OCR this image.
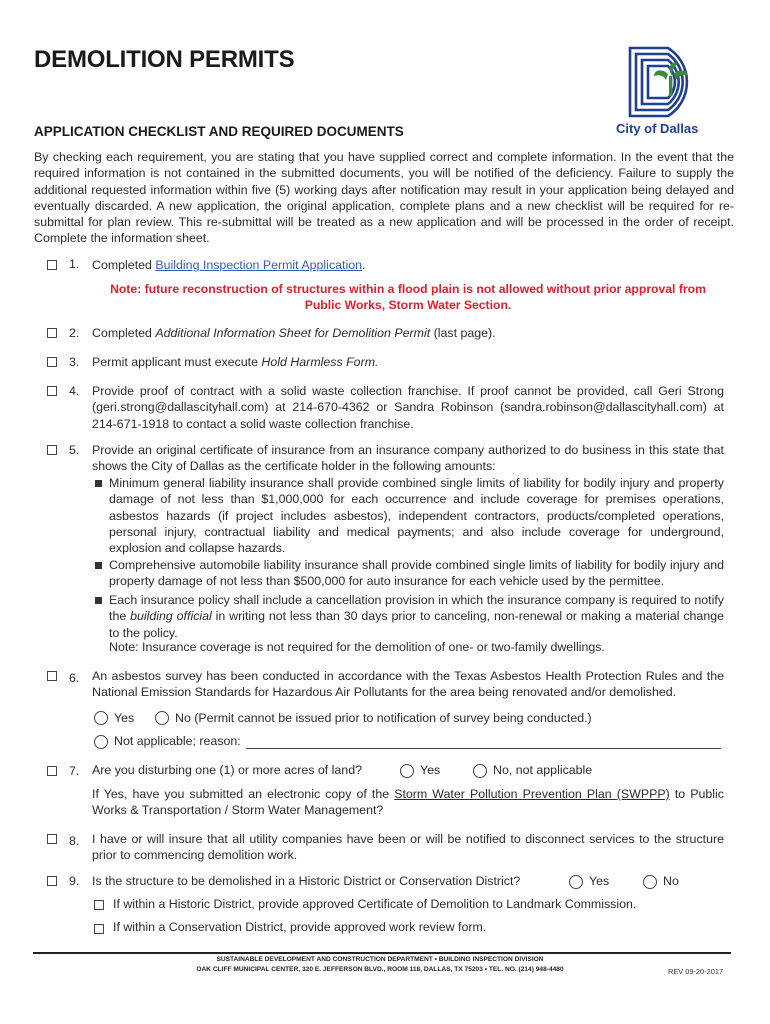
DEMOLITION PERMITS
APPLICATION CHECKLIST AND REQUIRED DOCUMENTS	City of Dallas
By checking each requirement, you are stating that you have supplied correct and complete information. In the event that the required information is not contained in the submitted documents, you will be notified of the deficiency. Failure to supply the additional requested information within five (5) working days after notification may result in your application being delayed and eventually discarded. A new application, the original application, complete plans and a new checklist will be required for re-submittal for plan review. This re-submittal will be treated as a new application and will be processed in the order of receipt. Complete the information sheet.
1. Completed Building Inspection Permit Application.
Note: future reconstruction of structures within a flood plain is not allowed without prior approval from Public Works, Storm Water Section.
2. Completed Additional Information Sheet for Demolition Permit (last page).
3. Permit applicant must execute Hold Harmless Form.
4. Provide proof of contract with a solid waste collection franchise. If proof cannot be provided, call Geri Strong (geri.strong@dallascityhall.com) at 214-670-4362 or Sandra Robinson (sandra.robinson@dallascityhall.com) at 214-671-1918 to contact a solid waste collection franchise.
5. Provide an original certificate of insurance from an insurance company authorized to do business in this state that shows the City of Dallas as the certificate holder in the following amounts:
Minimum general liability insurance shall provide combined single limits of liability for bodily injury and property damage of not less than $1,000,000 for each occurrence and include coverage for premises operations, asbestos hazards (if project includes asbestos), independent contractors, products/completed operations, personal injury, contractual liability and medical payments; and also include coverage for underground, explosion and collapse hazards.
Comprehensive automobile liability insurance shall provide combined single limits of liability for bodily injury and property damage of not less than $500,000 for auto insurance for each vehicle used by the permittee.
Each insurance policy shall include a cancellation provision in which the insurance company is required to notify the building official in writing not less than 30 days prior to canceling, non-renewal or making a material change to the policy.
Note: Insurance coverage is not required for the demolition of one- or two-family dwellings.
6. An asbestos survey has been conducted in accordance with the Texas Asbestos Health Protection Rules and the National Emission Standards for Hazardous Air Pollutants for the area being renovated and/or demolished.
Yes	No (Permit cannot be issued prior to notification of survey being conducted.)
Not applicable; reason:
7. Are you disturbing one (1) or more acres of land?	Yes	No, not applicable
If Yes, have you submitted an electronic copy of the Storm Water Pollution Prevention Plan (SWPPP) to Public Works & Transportation / Storm Water Management?
8. I have or will insure that all utility companies have been or will be notified to disconnect services to the structure prior to commencing demolition work.
9. Is the structure to be demolished in a Historic District or Conservation District?	Yes	No
If within a Historic District, provide approved Certificate of Demolition to Landmark Commission.
If within a Conservation District, provide approved work review form.
SUSTAINABLE DEVELOPMENT AND CONSTRUCTION DEPARTMENT • BUILDING INSPECTION DIVISION
OAK CLIFF MUNICIPAL CENTER, 320 E. JEFFERSON BLVD., ROOM 118, DALLAS, TX 75203 • TEL. NO. (214) 948-4480	REV 09-20-2017
